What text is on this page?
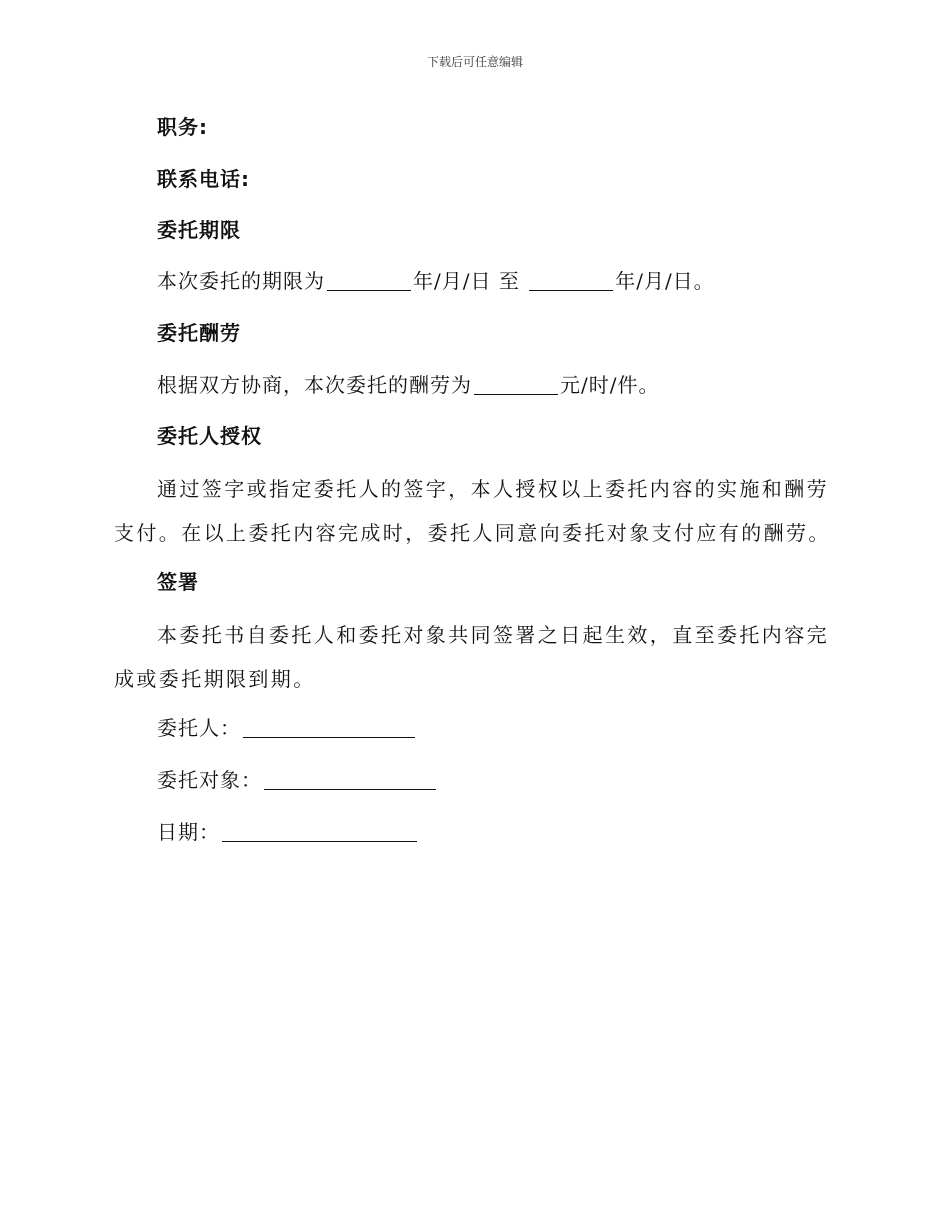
下载后可任意编辑
职务:
联系电话:
委托期限
本次委托的期限为	年/月/日 至	年/月/日。
委托酬劳
根据双方协商，本次委托的酬劳为	元/时/件。
委托人授权
通过签字或指定委托人的签字，本人授权以上委托内容的实施和酬劳支付。在以上委托内容完成时，委托人同意向委托对象支付应有的酬劳。
签署
本委托书自委托人和委托对象共同签署之日起生效，直至委托内容完成或委托期限到期。
委托人：
委托对象：
日期：
